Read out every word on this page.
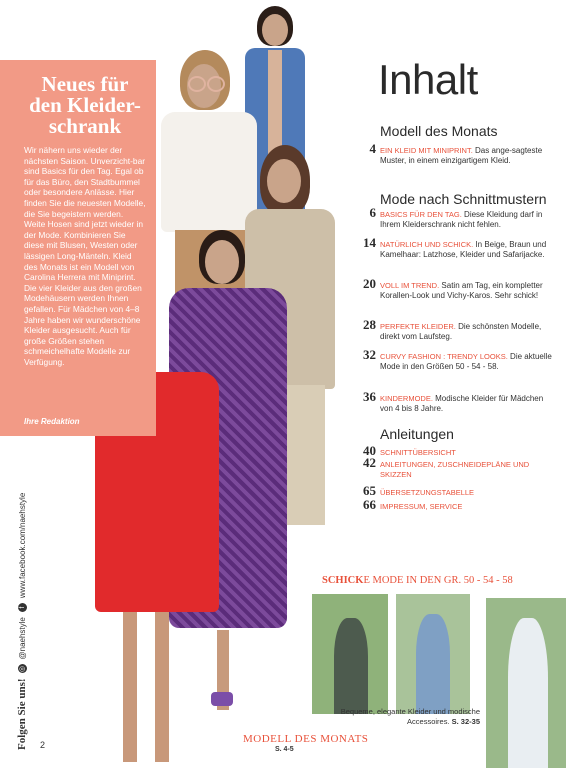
Neues für den Kleider-schrank

Wir nähern uns wieder der nächsten Saison. Unverzicht-bar sind Basics für den Tag. Egal ob für das Büro, den Stadtbummel oder besondere Anlässe. Hier finden Sie die neuesten Modelle, die Sie begeistern werden. Weite Hosen sind jetzt wieder in der Mode. Kombinieren Sie diese mit Blusen, Westen oder lässigen Long-Mänteln. Kleid des Monats ist ein Modell von Carolina Herrera mit Miniprint. Die vier Kleider aus den großen Modehäusern werden Ihnen gefallen. Für Mädchen von 4–8 Jahre haben wir wunderschöne Kleider ausgesucht. Auch für große Größen stehen schmeichelhafte Modelle zur Verfügung.

Ihre Redaktion
Folgen Sie uns!
◎
@naehstyle
f
www.facebook.com/naehstyle
2
Inhalt
Modell des Monats
4 EIN KLEID MIT MINIPRINT. Das ange-sagteste Muster, in einem einzigartigem Kleid.
Mode nach Schnittmustern
6 BASICS FÜR DEN TAG. Diese Kleidung darf in Ihrem Kleiderschrank nicht fehlen.
14 NATÜRLICH UND SCHICK. In Beige, Braun und Kamelhaar: Latzhose, Kleider und Safarijacke.
20 VOLL IM TREND. Satin am Tag, ein kompletter Korallen-Look und Vichy-Karos. Sehr schick!
28 PERFEKTE KLEIDER. Die schönsten Modelle, direkt vom Laufsteg.
32 CURVY FASHION : TRENDY LOOKS. Die aktuelle Mode in den Größen 50 - 54 - 58.
36 KINDERMODE. Modische Kleider für Mädchen von 4 bis 8 Jahre.
Anleitungen
40 SCHNITTÜBERSICHT
42 ANLEITUNGEN, ZUSCHNEIDEPLÄNE UND SKIZZEN
65 ÜBERSETZUNGSTABELLE
66 IMPRESSUM, SERVICE
SCHICKE MODE IN DEN GR. 50 - 54 - 58
Bequeme, elegante Kleider und modische Accessoires. S. 32-35
MODELL DES MONATS
S. 4-5
